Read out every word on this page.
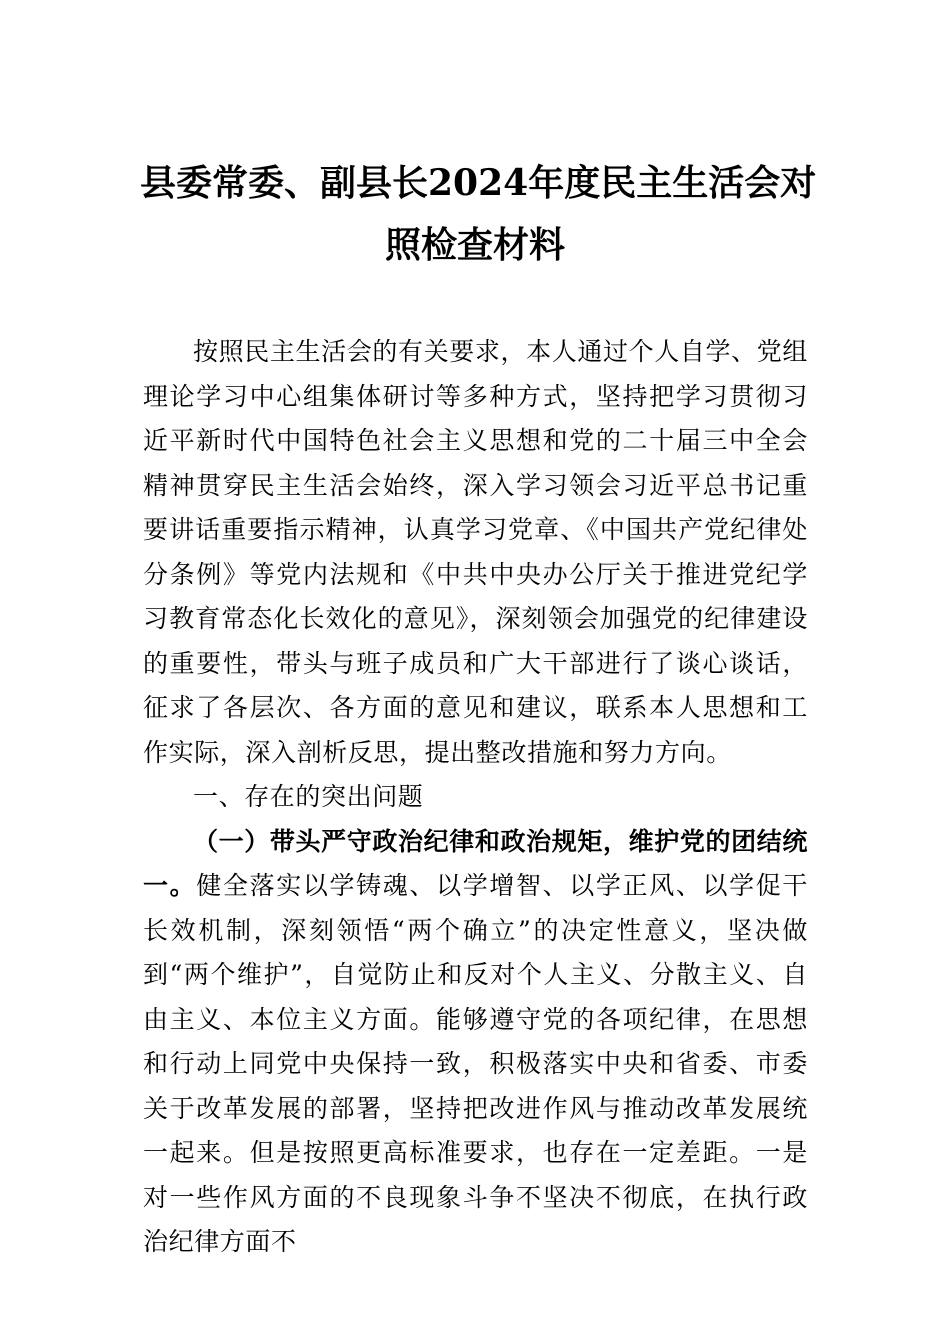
县委常委、副县长2024年度民主生活会对
照检查材料

按照民主生活会的有关要求，本人通过个人自学、党组理论学习中心组集体研讨等多种方式，坚持把学习贯彻习近平新时代中国特色社会主义思想和党的二十届三中全会精神贯穿民主生活会始终，深入学习领会习近平总书记重要讲话重要指示精神，认真学习党章、《中国共产党纪律处分条例》等党内法规和《中共中央办公厅关于推进党纪学习教育常态化长效化的意见》，深刻领会加强党的纪律建设的重要性，带头与班子成员和广大干部进行了谈心谈话，征求了各层次、各方面的意见和建议，联系本人思想和工作实际，深入剖析反思，提出整改措施和努力方向。

一、存在的突出问题

（一）带头严守政治纪律和政治规矩，维护党的团结统一。健全落实以学铸魂、以学增智、以学正风、以学促干长效机制，深刻领悟“两个确立”的决定性意义，坚决做到“两个维护”，自觉防止和反对个人主义、分散主义、自由主义、本位主义方面。能够遵守党的各项纪律，在思想和行动上同党中央保持一致，积极落实中央和省委、市委关于改革发展的部署，坚持把改进作风与推动改革发展统一起来。但是按照更高标准要求，也存在一定差距。一是对一些作风方面的不良现象斗争不坚决不彻底，在执行政治纪律方面不
